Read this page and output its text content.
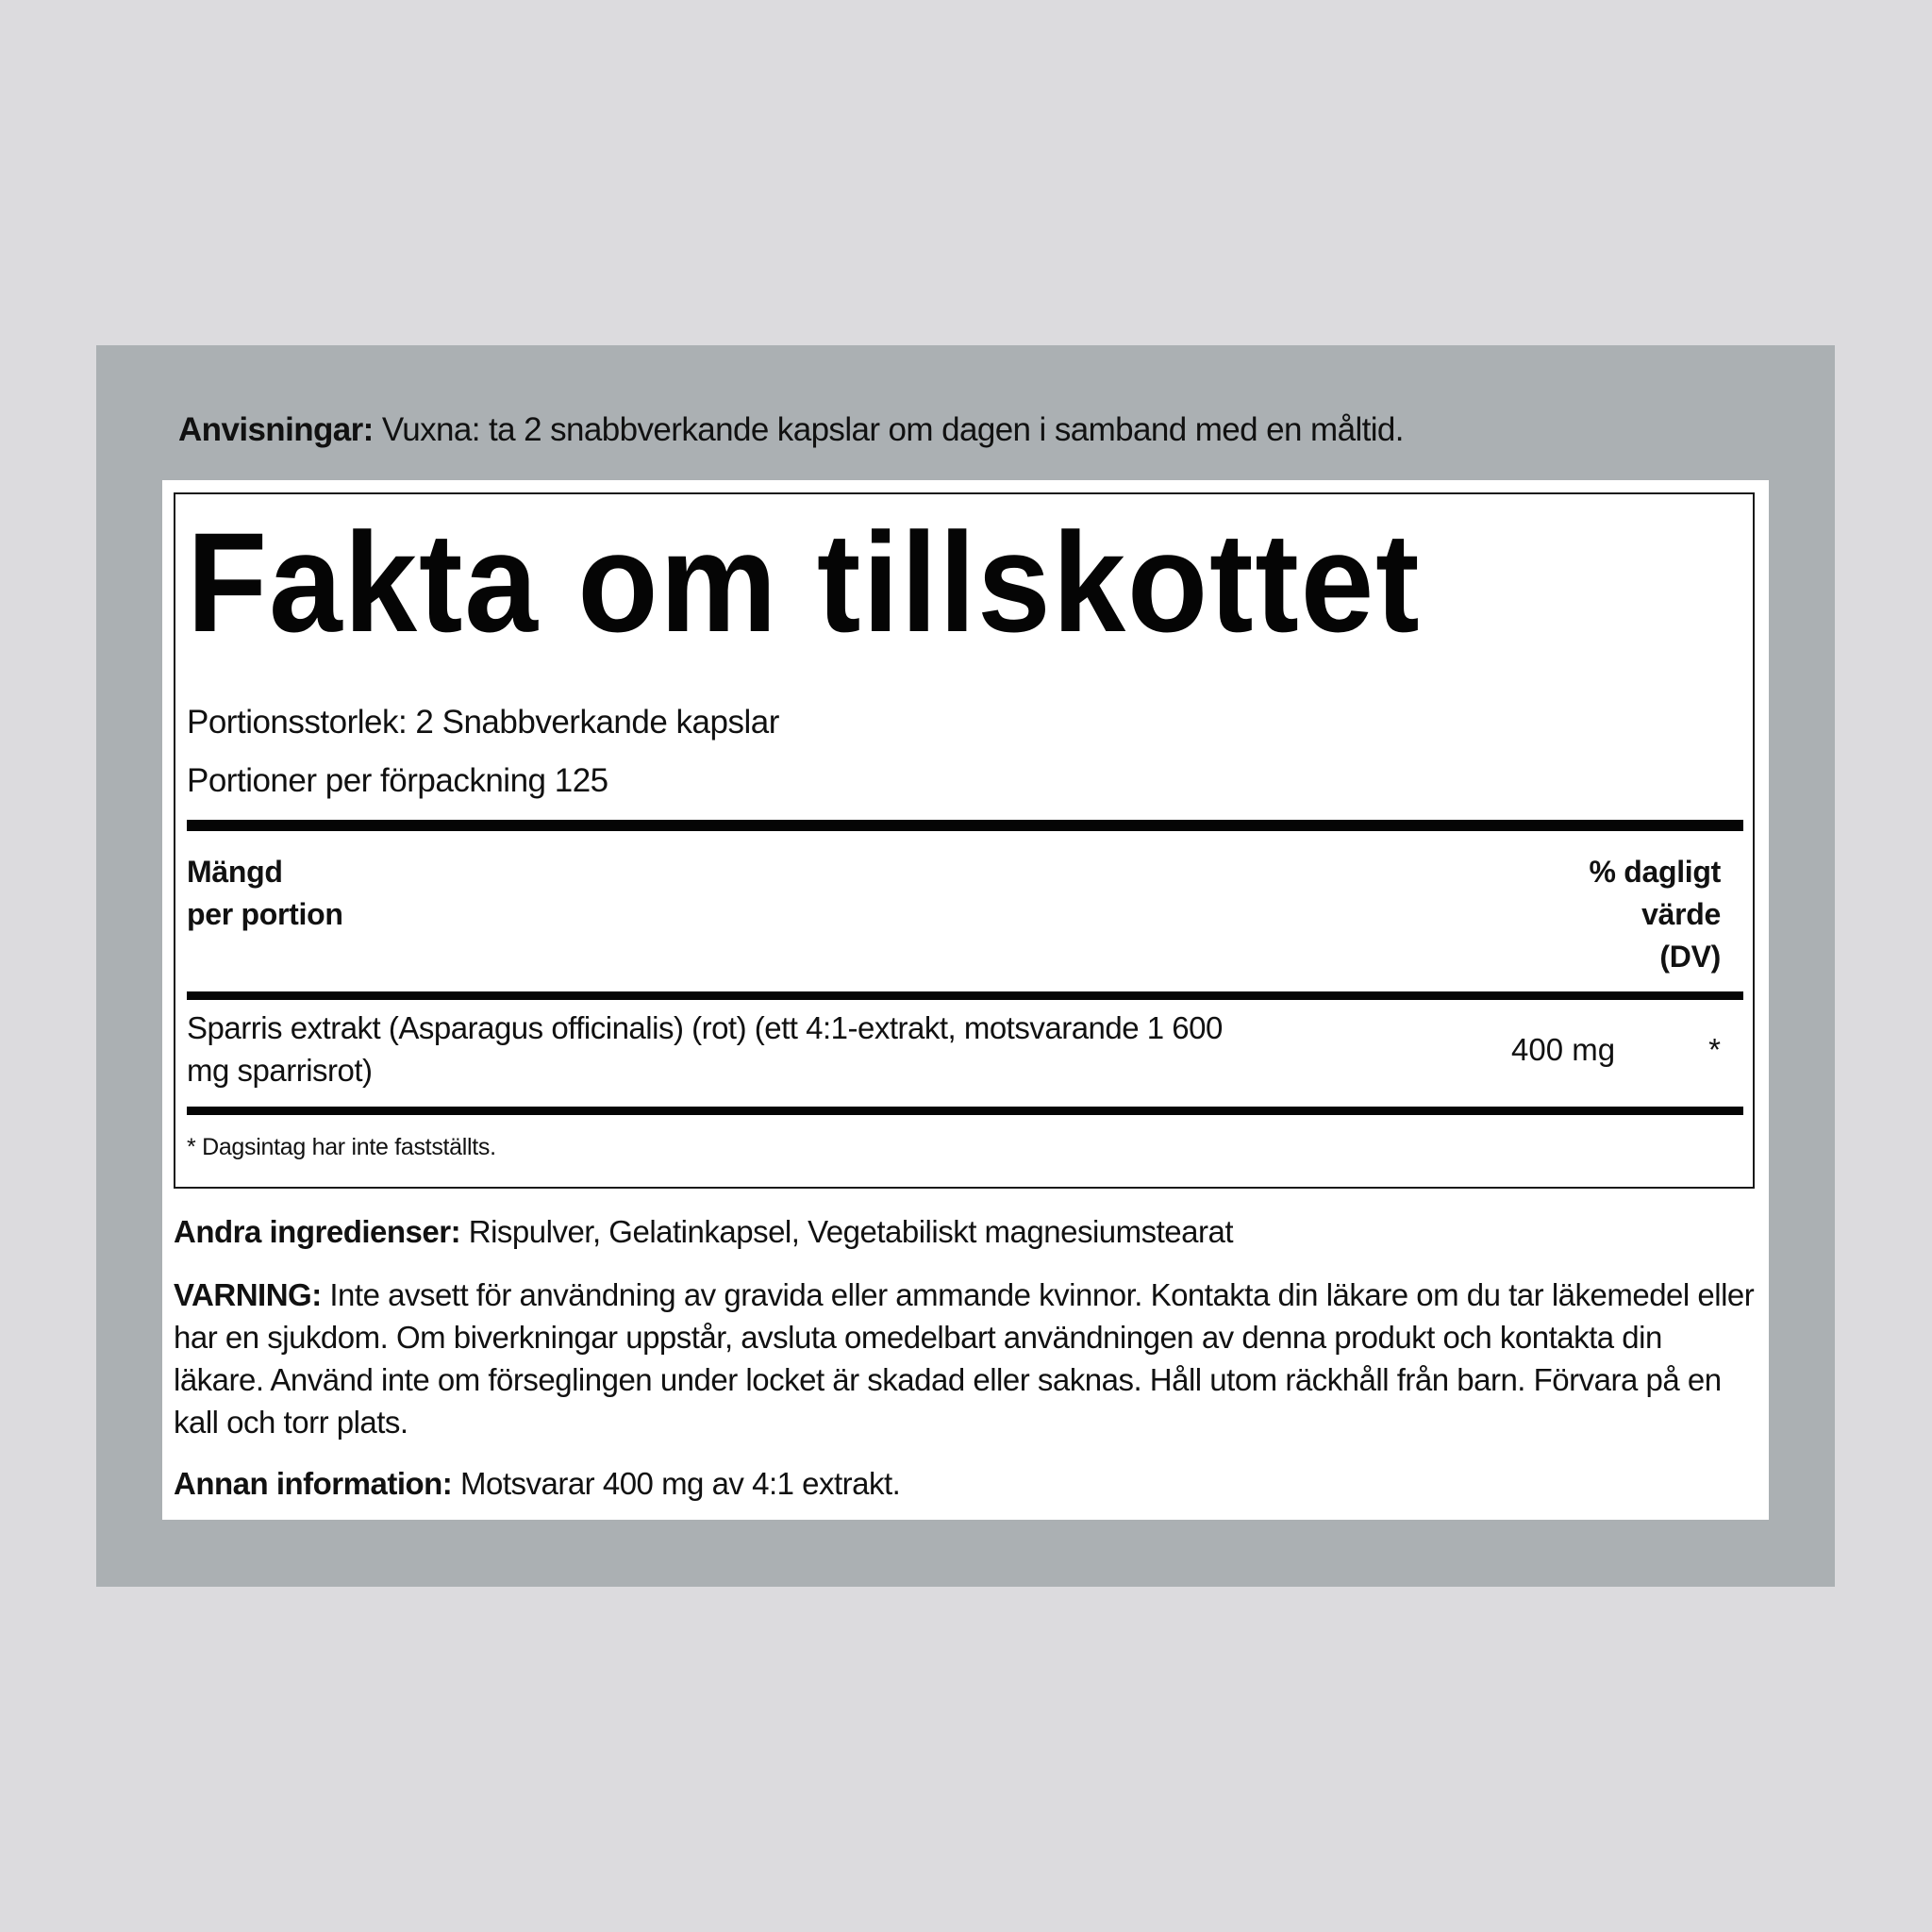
Anvisningar: Vuxna: ta 2 snabbverkande kapslar om dagen i samband med en måltid.
Fakta om tillskottet
Portionsstorlek: 2 Snabbverkande kapslar
Portioner per förpackning 125
Mängd
per portion
% dagligt
värde
(DV)
Sparris extrakt (Asparagus officinalis) (rot) (ett 4:1-extrakt, motsvarande 1 600 mg sparrisrot)
400 mg	*
* Dagsintag har inte fastställts.
Andra ingredienser: Rispulver, Gelatinkapsel, Vegetabiliskt magnesiumstearat
VARNING: Inte avsett för användning av gravida eller ammande kvinnor. Kontakta din läkare om du tar läkemedel eller har en sjukdom. Om biverkningar uppstår, avsluta omedelbart användningen av denna produkt och kontakta din läkare. Använd inte om förseglingen under locket är skadad eller saknas. Håll utom räckhåll från barn. Förvara på en kall och torr plats.
Annan information: Motsvarar 400 mg av 4:1 extrakt.
